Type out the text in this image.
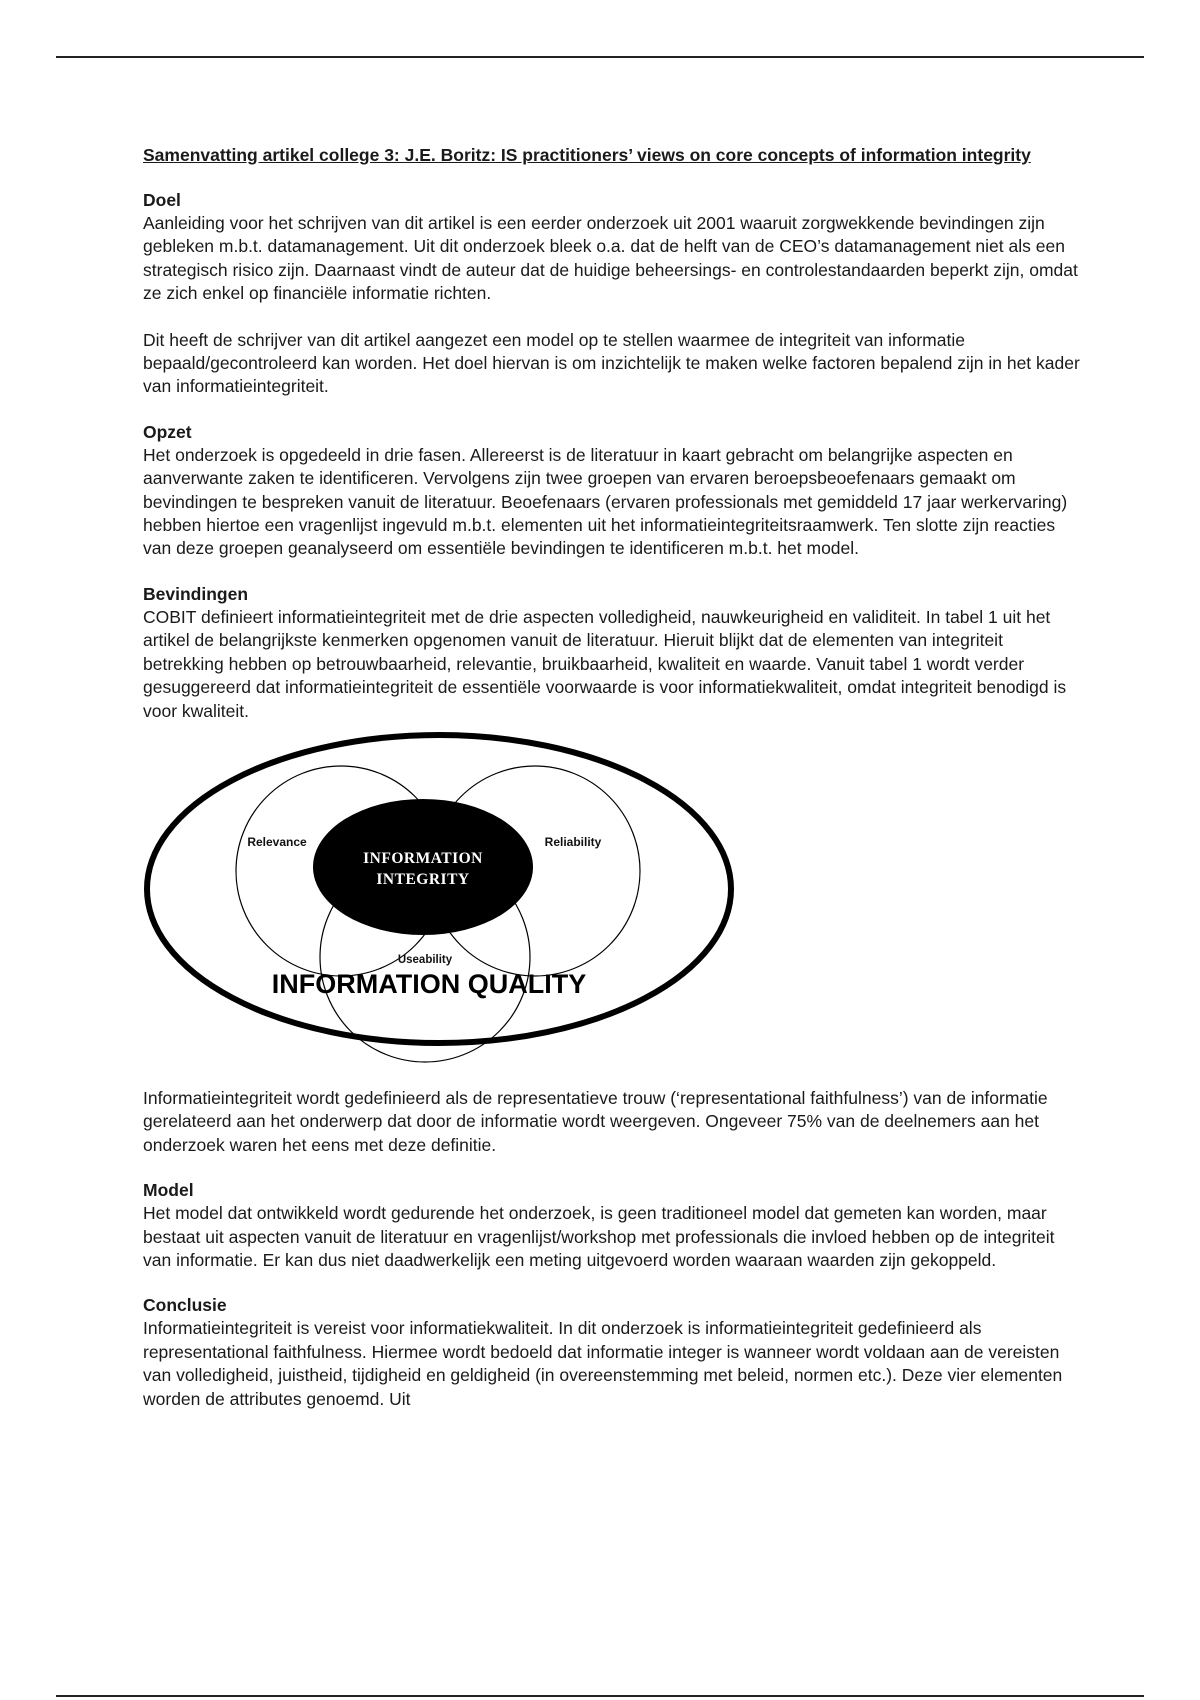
Samenvatting artikel college 3: J.E. Boritz: IS practitioners’ views on core concepts of information integrity
Doel

Aanleiding voor het schrijven van dit artikel is een eerder onderzoek uit 2001 waaruit zorgwekkende bevindingen zijn gebleken m.b.t. datamanagement. Uit dit onderzoek bleek o.a. dat de helft van de CEO’s datamanagement niet als een strategisch risico zijn. Daarnaast vindt de auteur dat de huidige beheersings- en controlestandaarden beperkt zijn, omdat ze zich enkel op financiële informatie richten.

Dit heeft de schrijver van dit artikel aangezet een model op te stellen waarmee de integriteit van informatie bepaald/gecontroleerd kan worden. Het doel hiervan is om inzichtelijk te maken welke factoren bepalend zijn in het kader van informatieintegriteit.

Opzet

Het onderzoek is opgedeeld in drie fasen. Allereerst is de literatuur in kaart gebracht om belangrijke aspecten en aanverwante zaken te identificeren. Vervolgens zijn twee groepen van ervaren beroepsbeoefenaars gemaakt om bevindingen te bespreken vanuit de literatuur. Beoefenaars (ervaren professionals met gemiddeld 17 jaar werkervaring) hebben hiertoe een vragenlijst ingevuld m.b.t. elementen uit het informatieintegriteitsraamwerk. Ten slotte zijn reacties van deze groepen geanalyseerd om essentiële bevindingen te identificeren m.b.t. het model.

Bevindingen

COBIT definieert informatieintegriteit met de drie aspecten volledigheid, nauwkeurigheid en validiteit. In tabel 1 uit het artikel de belangrijkste kenmerken opgenomen vanuit de literatuur. Hieruit blijkt dat de elementen van integriteit betrekking hebben op betrouwbaarheid, relevantie, bruikbaarheid, kwaliteit en waarde. Vanuit tabel 1 wordt verder gesuggereerd dat informatieintegriteit de essentiële voorwaarde is voor informatiekwaliteit, omdat integriteit benodigd is voor kwaliteit.

INFORMATION
INTEGRITY
Relevance	Reliability
Useability
INFORMATION QUALITY

Informatieintegriteit wordt gedefinieerd als de representatieve trouw (‘representational faithfulness’) van de informatie gerelateerd aan het onderwerp dat door de informatie wordt weergeven. Ongeveer 75% van de deelnemers aan het onderzoek waren het eens met deze definitie.

Model

Het model dat ontwikkeld wordt gedurende het onderzoek, is geen traditioneel model dat gemeten kan worden, maar bestaat uit aspecten vanuit de literatuur en vragenlijst/workshop met professionals die invloed hebben op de integriteit van informatie. Er kan dus niet daadwerkelijk een meting uitgevoerd worden waaraan waarden zijn gekoppeld.

Conclusie

Informatieintegriteit is vereist voor informatiekwaliteit. In dit onderzoek is informatieintegriteit gedefinieerd als representational faithfulness. Hiermee wordt bedoeld dat informatie integer is wanneer wordt voldaan aan de vereisten van volledigheid, juistheid, tijdigheid en geldigheid (in overeenstemming met beleid, normen etc.). Deze vier elementen worden de attributes genoemd. Uit
